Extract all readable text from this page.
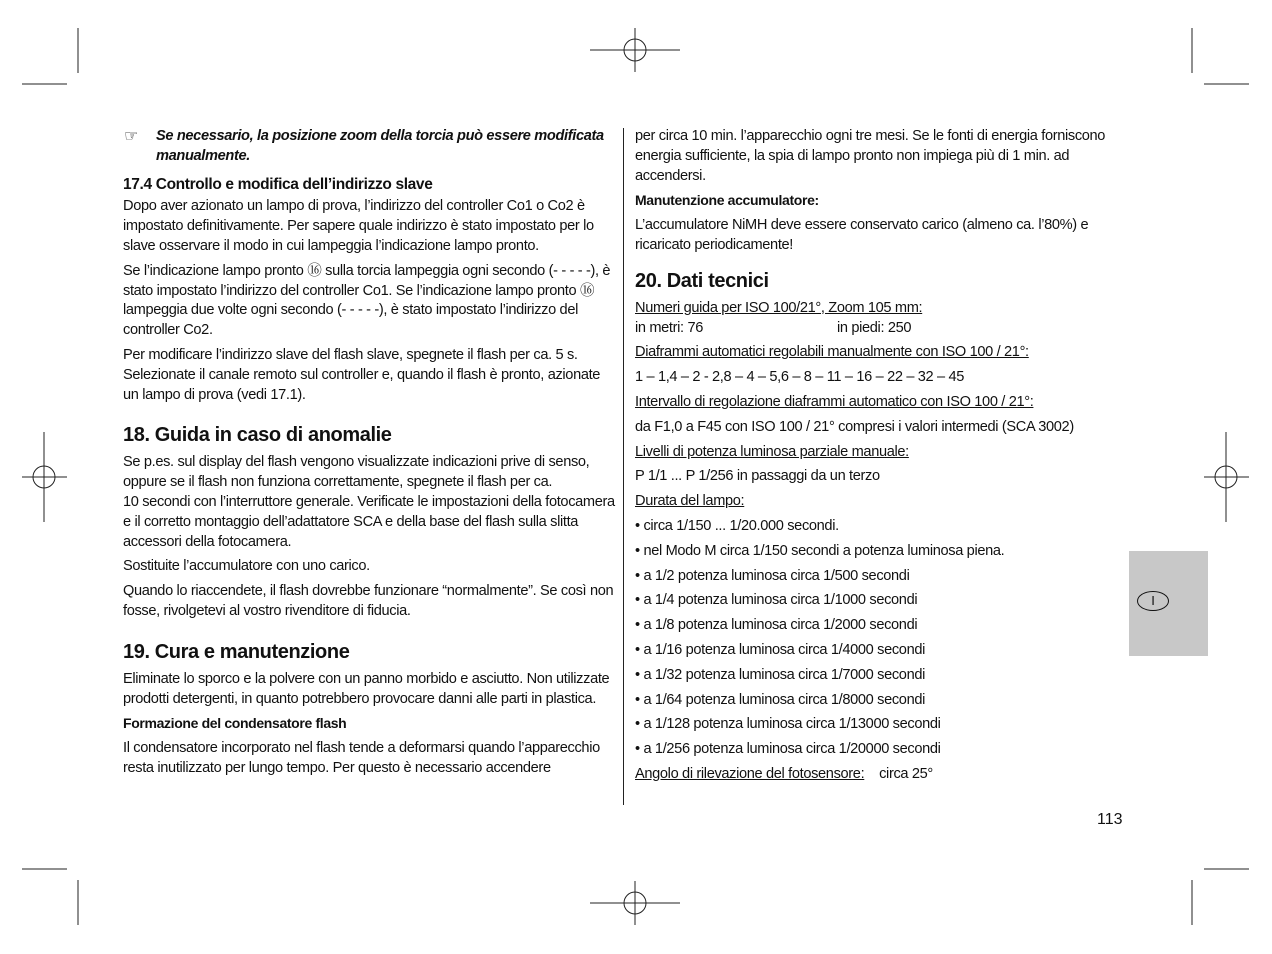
☞ Se necessario, la posizione zoom della torcia può essere modificata manualmente.

17.4 Controllo e modifica dell’indirizzo slave

Dopo aver azionato un lampo di prova, l’indirizzo del controller Co1 o Co2 è impostato definitivamente. Per sapere quale indirizzo è stato impostato per lo slave osservare il modo in cui lampeggia l’indicazione lampo pronto.

Se l’indicazione lampo pronto ⑯ sulla torcia lampeggia ogni secondo (- - - - -), è stato impostato l’indirizzo del controller Co1. Se l’indicazione lampo pronto ⑯ lampeggia due volte ogni secondo (- - - - -), è stato impostato l’indirizzo del controller Co2.

Per modificare l’indirizzo slave del flash slave, spegnete il flash per ca. 5 s. Selezionate il canale remoto sul controller e, quando il flash è pronto, azionate un lampo di prova (vedi 17.1).

18. Guida in caso di anomalie

Se p.es. sul display del flash vengono visualizzate indicazioni prive di senso, oppure se il flash non funziona correttamente, spegnete il flash per ca.

10 secondi con l’interruttore generale. Verificate le impostazioni della fotocamera e il corretto montaggio dell’adattatore SCA e della base del flash sulla slitta accessori della fotocamera.

Sostituite l’accumulatore con uno carico.

Quando lo riaccendete, il flash dovrebbe funzionare “normalmente”. Se così non fosse, rivolgetevi al vostro rivenditore di fiducia.

19. Cura e manutenzione

Eliminate lo sporco e la polvere con un panno morbido e asciutto. Non utilizzate prodotti detergenti, in quanto potrebbero provocare danni alle parti in plastica.

Formazione del condensatore flash

Il condensatore incorporato nel flash tende a deformarsi quando l’apparecchio resta inutilizzato per lungo tempo. Per questo è necessario accendere

per circa 10 min. l’apparecchio ogni tre mesi. Se le fonti di energia forniscono energia sufficiente, la spia di lampo pronto non impiega più di 1 min. ad accendersi.

Manutenzione accumulatore:

L’accumulatore NiMH deve essere conservato carico (almeno ca. l’80%) e ricaricato periodicamente!

20. Dati tecnici
Numeri guida per ISO 100/21°, Zoom 105 mm:
in metri: 76	in piedi: 250
Diaframmi automatici regolabili manualmente con ISO 100 / 21°:
1 – 1,4 – 2 - 2,8 – 4 – 5,6 – 8 – 11 – 16 – 22 – 32 – 45
Intervallo di regolazione diaframmi automatico con ISO 100 / 21°:
da F1,0 a F45 con ISO 100 / 21° compresi i valori intermedi (SCA 3002)
Livelli di potenza luminosa parziale manuale:
P 1/1 ... P 1/256 in passaggi da un terzo
Durata del lampo:
• circa 1/150 ... 1/20.000 secondi.
• nel Modo M circa 1/150 secondi a potenza luminosa piena.
• a 1/2 potenza luminosa circa 1/500 secondi
• a 1/4 potenza luminosa circa 1/1000 secondi
• a 1/8 potenza luminosa circa 1/2000 secondi
• a 1/16 potenza luminosa circa 1/4000 secondi
• a 1/32 potenza luminosa circa 1/7000 secondi
• a 1/64 potenza luminosa circa 1/8000 secondi
• a 1/128 potenza luminosa circa 1/13000 secondi
• a 1/256 potenza luminosa circa 1/20000 secondi
Angolo di rilevazione del fotosensore: circa 25°
113
I
